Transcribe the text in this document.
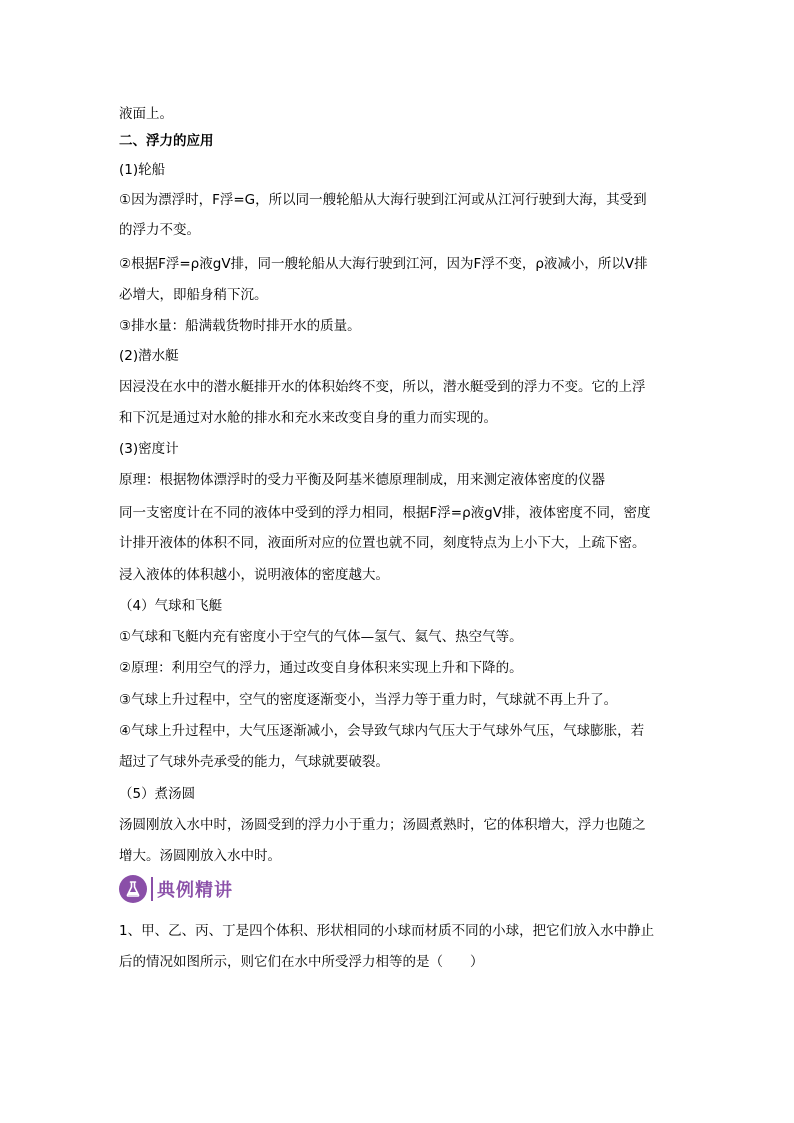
液面上。
二、浮力的应用
(1)轮船
①因为漂浮时，F浮=G，所以同一艘轮船从大海行驶到江河或从江河行驶到大海，其受到
的浮力不变。
②根据F浮=ρ液gV排，同一艘轮船从大海行驶到江河，因为F浮不变，ρ液减小，所以V排
必增大，即船身稍下沉。
③排水量：船满载货物时排开水的质量。
(2)潜水艇
因浸没在水中的潜水艇排开水的体积始终不变，所以，潜水艇受到的浮力不变。它的上浮
和下沉是通过对水舱的排水和充水来改变自身的重力而实现的。
(3)密度计
原理：根据物体漂浮时的受力平衡及阿基米德原理制成，用来测定液体密度的仪器
同一支密度计在不同的液体中受到的浮力相同，根据F浮=ρ液gV排，液体密度不同，密度
计排开液体的体积不同，液面所对应的位置也就不同，刻度特点为上小下大，上疏下密。
浸入液体的体积越小，说明液体的密度越大。
（4）气球和飞艇
①气球和飞艇内充有密度小于空气的气体—氢气、氦气、热空气等。
②原理：利用空气的浮力，通过改变自身体积来实现上升和下降的。
③气球上升过程中，空气的密度逐渐变小，当浮力等于重力时，气球就不再上升了。
④气球上升过程中，大气压逐渐减小，会导致气球内气压大于气球外气压，气球膨胀，若
超过了气球外壳承受的能力，气球就要破裂。
（5）煮汤圆
汤圆刚放入水中时，汤圆受到的浮力小于重力；汤圆煮熟时，它的体积增大，浮力也随之
增大。汤圆刚放入水中时。
典例精讲
1、甲、乙、丙、丁是四个体积、形状相同的小球而材质不同的小球，把它们放入水中静止
后的情况如图所示，则它们在水中所受浮力相等的是（　　）
